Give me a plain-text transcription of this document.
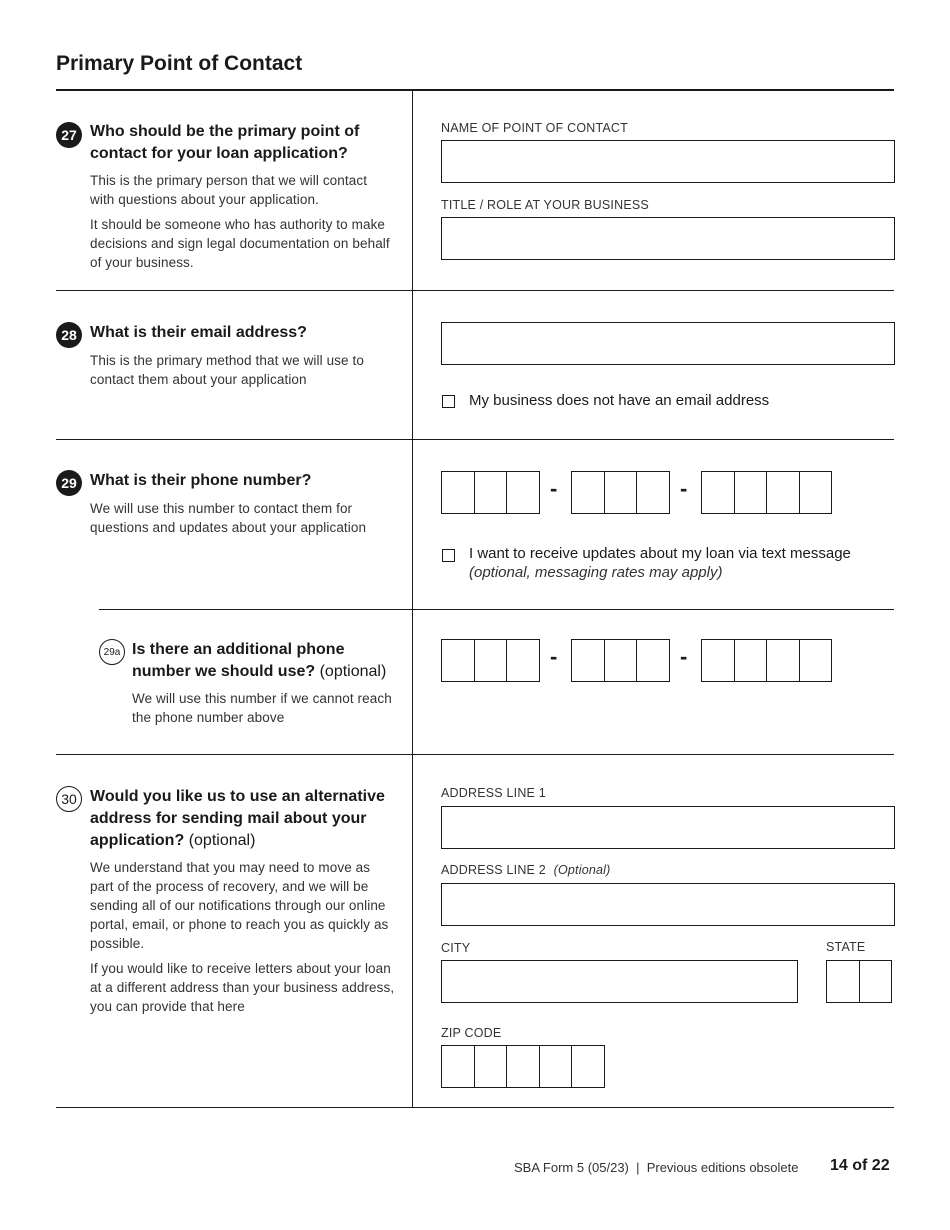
Primary Point of Contact
27 Who should be the primary point of contact for your loan application?

This is the primary person that we will contact with questions about your application.

It should be someone who has authority to make decisions and sign legal documentation on behalf of your business.

NAME OF POINT OF CONTACT
TITLE / ROLE AT YOUR BUSINESS
28 What is their email address?
This is the primary method that we will use to contact them about your application
My business does not have an email address
29 What is their phone number?
We will use this number to contact them for questions and updates about your application
-	-
I want to receive updates about my loan via text message
(optional, messaging rates may apply)
29a Is there an additional phone number we should use? (optional)
We will use this number if we cannot reach the phone number above
-	-
30 Would you like us to use an alternative address for sending mail about your application? (optional)

We understand that you may need to move as part of the process of recovery, and we will be sending all of our notifications through our online portal, email, or phone to reach you as quickly as possible.

If you would like to receive letters about your loan at a different address than your business address, you can provide that here

ADDRESS LINE 1
ADDRESS LINE 2 (Optional)
CITY	STATE
ZIP CODE
SBA Form 5 (05/23)  |  Previous editions obsolete 14 of 22
